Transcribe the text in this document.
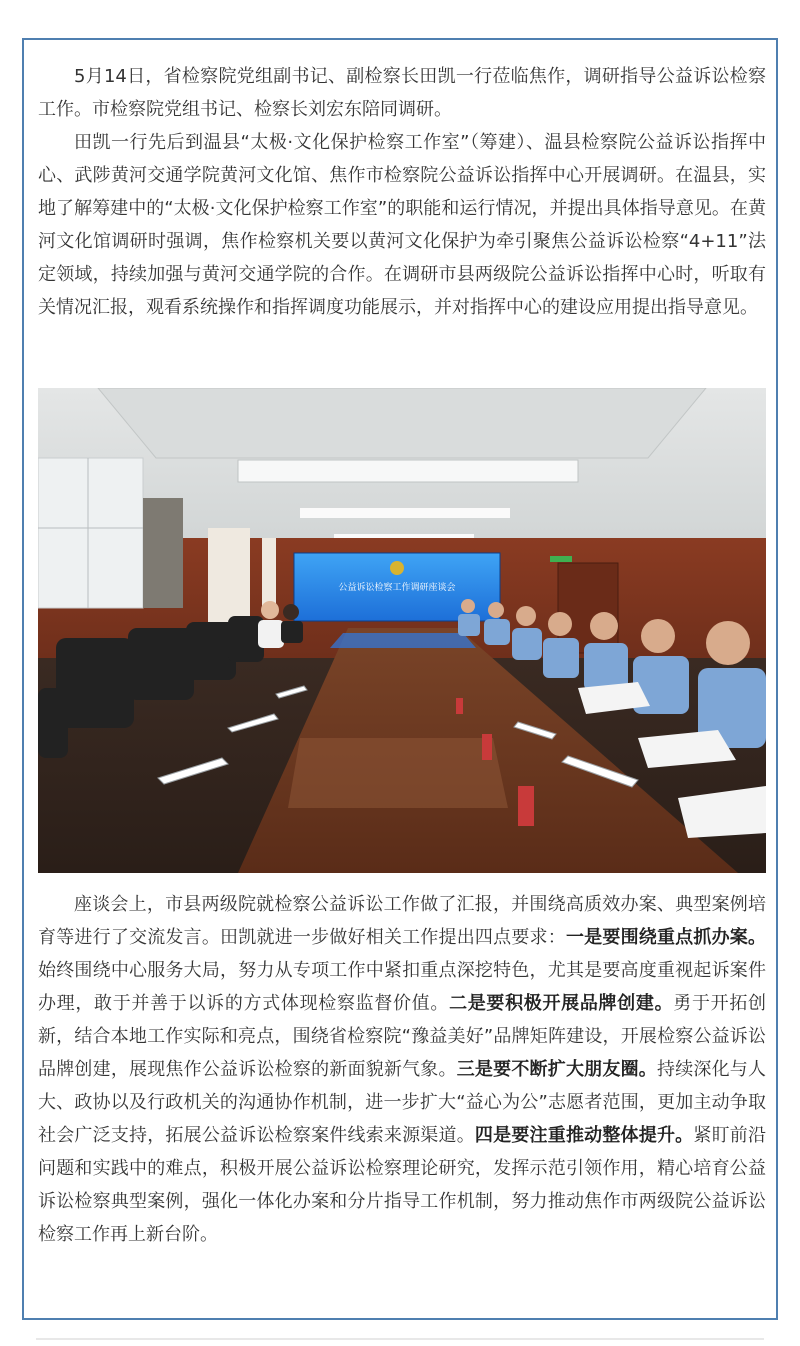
5月14日，省检察院党组副书记、副检察长田凯一行莅临焦作，调研指导公益诉讼检察工作。市检察院党组书记、检察长刘宏东陪同调研。

田凯一行先后到温县“太极·文化保护检察工作室”（筹建）、温县检察院公益诉讼指挥中心、武陟黄河交通学院黄河文化馆、焦作市检察院公益诉讼指挥中心开展调研。在温县，实地了解筹建中的“太极·文化保护检察工作室”的职能和运行情况，并提出具体指导意见。在黄河文化馆调研时强调，焦作检察机关要以黄河文化保护为牵引聚焦公益诉讼检察“4+11”法定领域，持续加强与黄河交通学院的合作。在调研市县两级院公益诉讼指挥中心时，听取有关情况汇报，观看系统操作和指挥调度功能展示，并对指挥中心的建设应用提出指导意见。

公益诉讼检察工作调研座谈会

座谈会上，市县两级院就检察公益诉讼工作做了汇报，并围绕高质效办案、典型案例培育等进行了交流发言。田凯就进一步做好相关工作提出四点要求：一是要围绕重点抓办案。始终围绕中心服务大局，努力从专项工作中紧扣重点深挖特色，尤其是要高度重视起诉案件办理，敢于并善于以诉的方式体现检察监督价值。二是要积极开展品牌创建。勇于开拓创新，结合本地工作实际和亮点，围绕省检察院“豫益美好”品牌矩阵建设，开展检察公益诉讼品牌创建，展现焦作公益诉讼检察的新面貌新气象。三是要不断扩大朋友圈。持续深化与人大、政协以及行政机关的沟通协作机制，进一步扩大“益心为公”志愿者范围，更加主动争取社会广泛支持，拓展公益诉讼检察案件线索来源渠道。四是要注重推动整体提升。紧盯前沿问题和实践中的难点，积极开展公益诉讼检察理论研究，发挥示范引领作用，精心培育公益诉讼检察典型案例，强化一体化办案和分片指导工作机制，努力推动焦作市两级院公益诉讼检察工作再上新台阶。
